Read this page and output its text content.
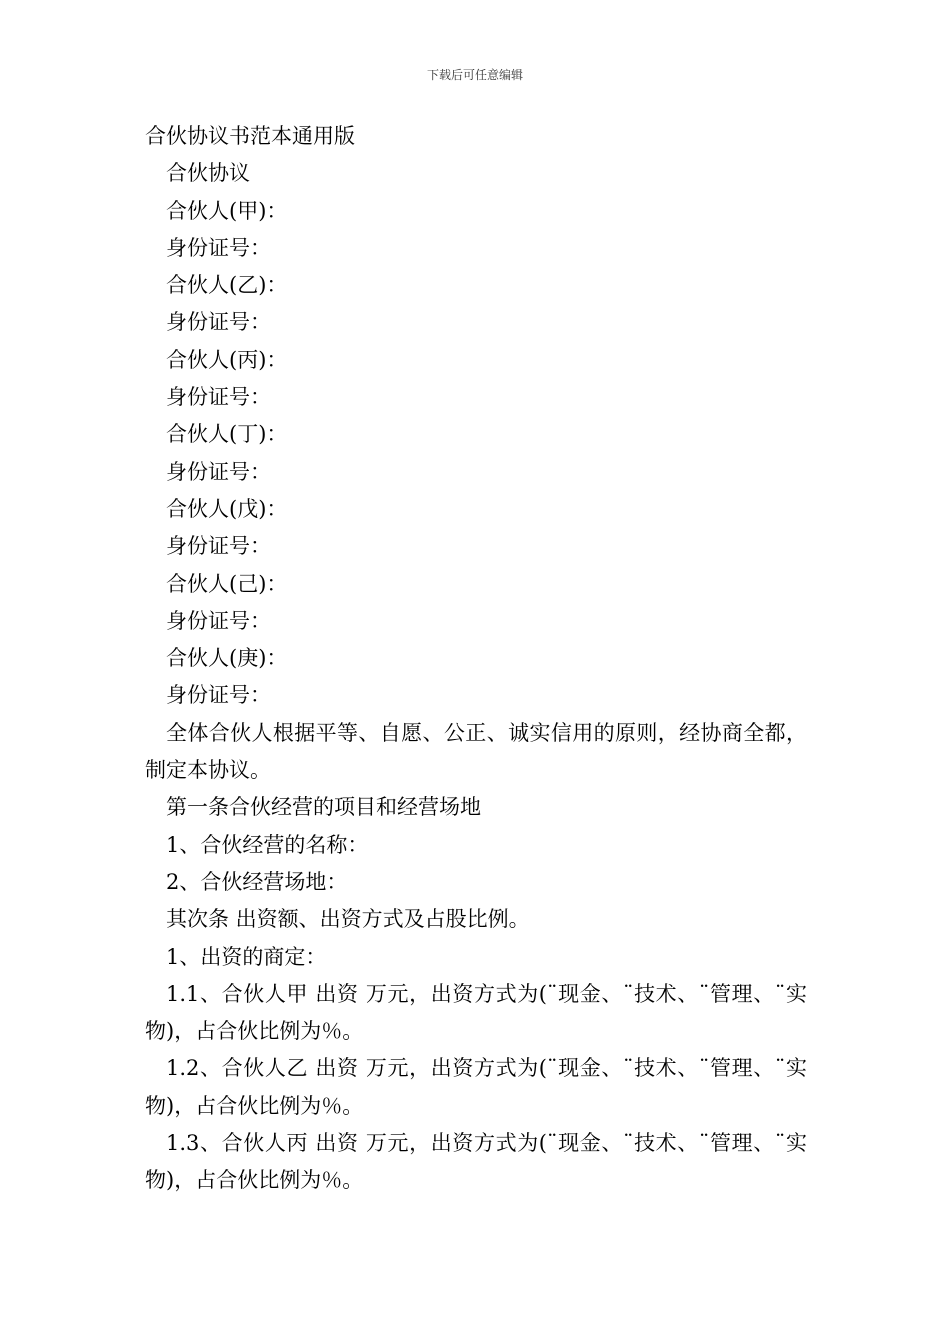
下载后可任意编辑

合伙协议书范本通用版

合伙协议

合伙人(甲)：

身份证号：

合伙人(乙)：

身份证号：

合伙人(丙)：

身份证号：

合伙人(丁)：

身份证号：

合伙人(戊)：

身份证号：

合伙人(己)：

身份证号：

合伙人(庚)：

身份证号：

全体合伙人根据平等、自愿、公正、诚实信用的原则，经协商全都，制定本协议。

第一条合伙经营的项目和经营场地

1、合伙经营的名称：

2、合伙经营场地：

其次条 出资额、出资方式及占股比例。

1、出资的商定：

1.1、合伙人甲 出资 万元，出资方式为(¨现金、¨技术、¨管理、¨实物)，占合伙比例为％。

1.2、合伙人乙 出资 万元，出资方式为(¨现金、¨技术、¨管理、¨实物)，占合伙比例为％。

1.3、合伙人丙 出资 万元，出资方式为(¨现金、¨技术、¨管理、¨实物)，占合伙比例为％。
